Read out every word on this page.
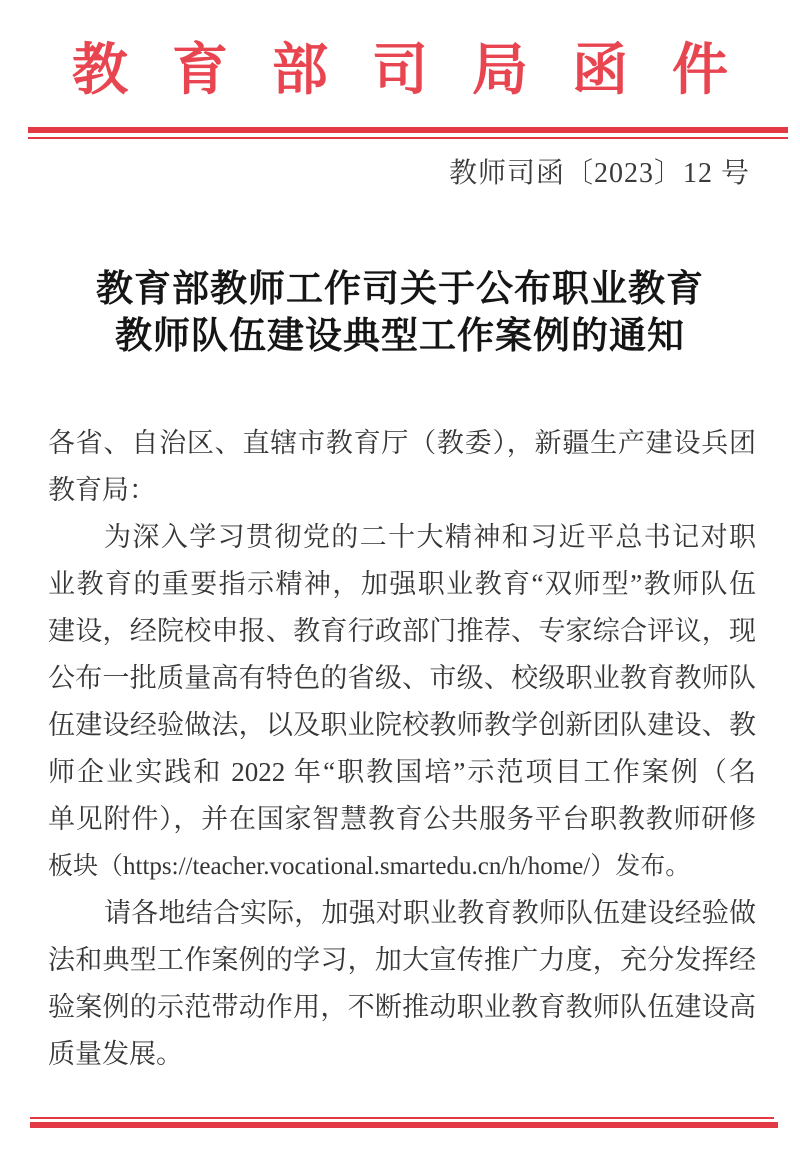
教育部司局函件
教师司函〔2023〕12 号
教育部教师工作司关于公布职业教育
教师队伍建设典型工作案例的通知
各省、自治区、直辖市教育厅（教委），新疆生产建设兵团
教育局：
为深入学习贯彻党的二十大精神和习近平总书记对职
业教育的重要指示精神，加强职业教育“双师型”教师队伍
建设，经院校申报、教育行政部门推荐、专家综合评议，现
公布一批质量高有特色的省级、市级、校级职业教育教师队
伍建设经验做法，以及职业院校教师教学创新团队建设、教
师企业实践和 2022 年“职教国培”示范项目工作案例（名
单见附件），并在国家智慧教育公共服务平台职教教师研修
板块（https://teacher.vocational.smartedu.cn/h/home/）发布。
请各地结合实际，加强对职业教育教师队伍建设经验做
法和典型工作案例的学习，加大宣传推广力度，充分发挥经
验案例的示范带动作用，不断推动职业教育教师队伍建设高
质量发展。
